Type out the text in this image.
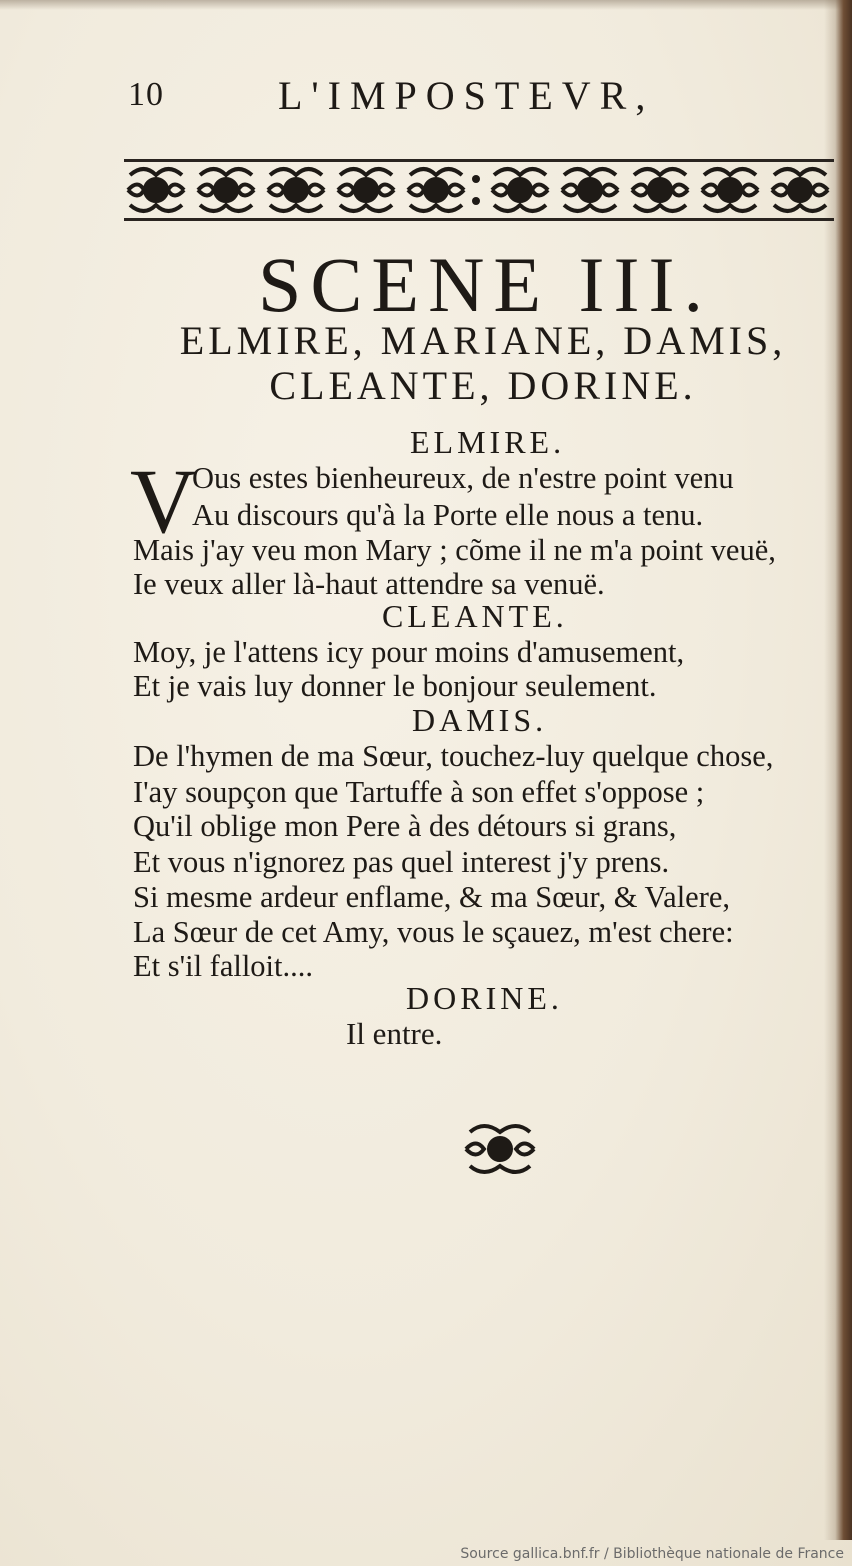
10	L'IMPOSTEVR,
SCENE III.
ELMIRE, MARIANE, DAMIS,
CLEANTE, DORINE.
ELMIRE.
V
Ous estes bienheureux, de n'estre point venu
Au discours qu'à la Porte elle nous a tenu.
Mais j'ay veu mon Mary ; cõme il ne m'a point veuë,
Ie veux aller là-haut attendre sa venuë.
CLEANTE.
Moy, je l'attens icy pour moins d'amusement,
Et je vais luy donner le bonjour seulement.
DAMIS.
De l'hymen de ma Sœur, touchez-luy quelque chose,
I'ay soupçon que Tartuffe à son effet s'oppose ;
Qu'il oblige mon Pere à des détours si grans,
Et vous n'ignorez pas quel interest j'y prens.
Si mesme ardeur enflame, & ma Sœur, & Valere,
La Sœur de cet Amy, vous le sçauez, m'est chere:
Et s'il falloit....
DORINE.
Il entre.
Source gallica.bnf.fr / Bibliothèque nationale de France
